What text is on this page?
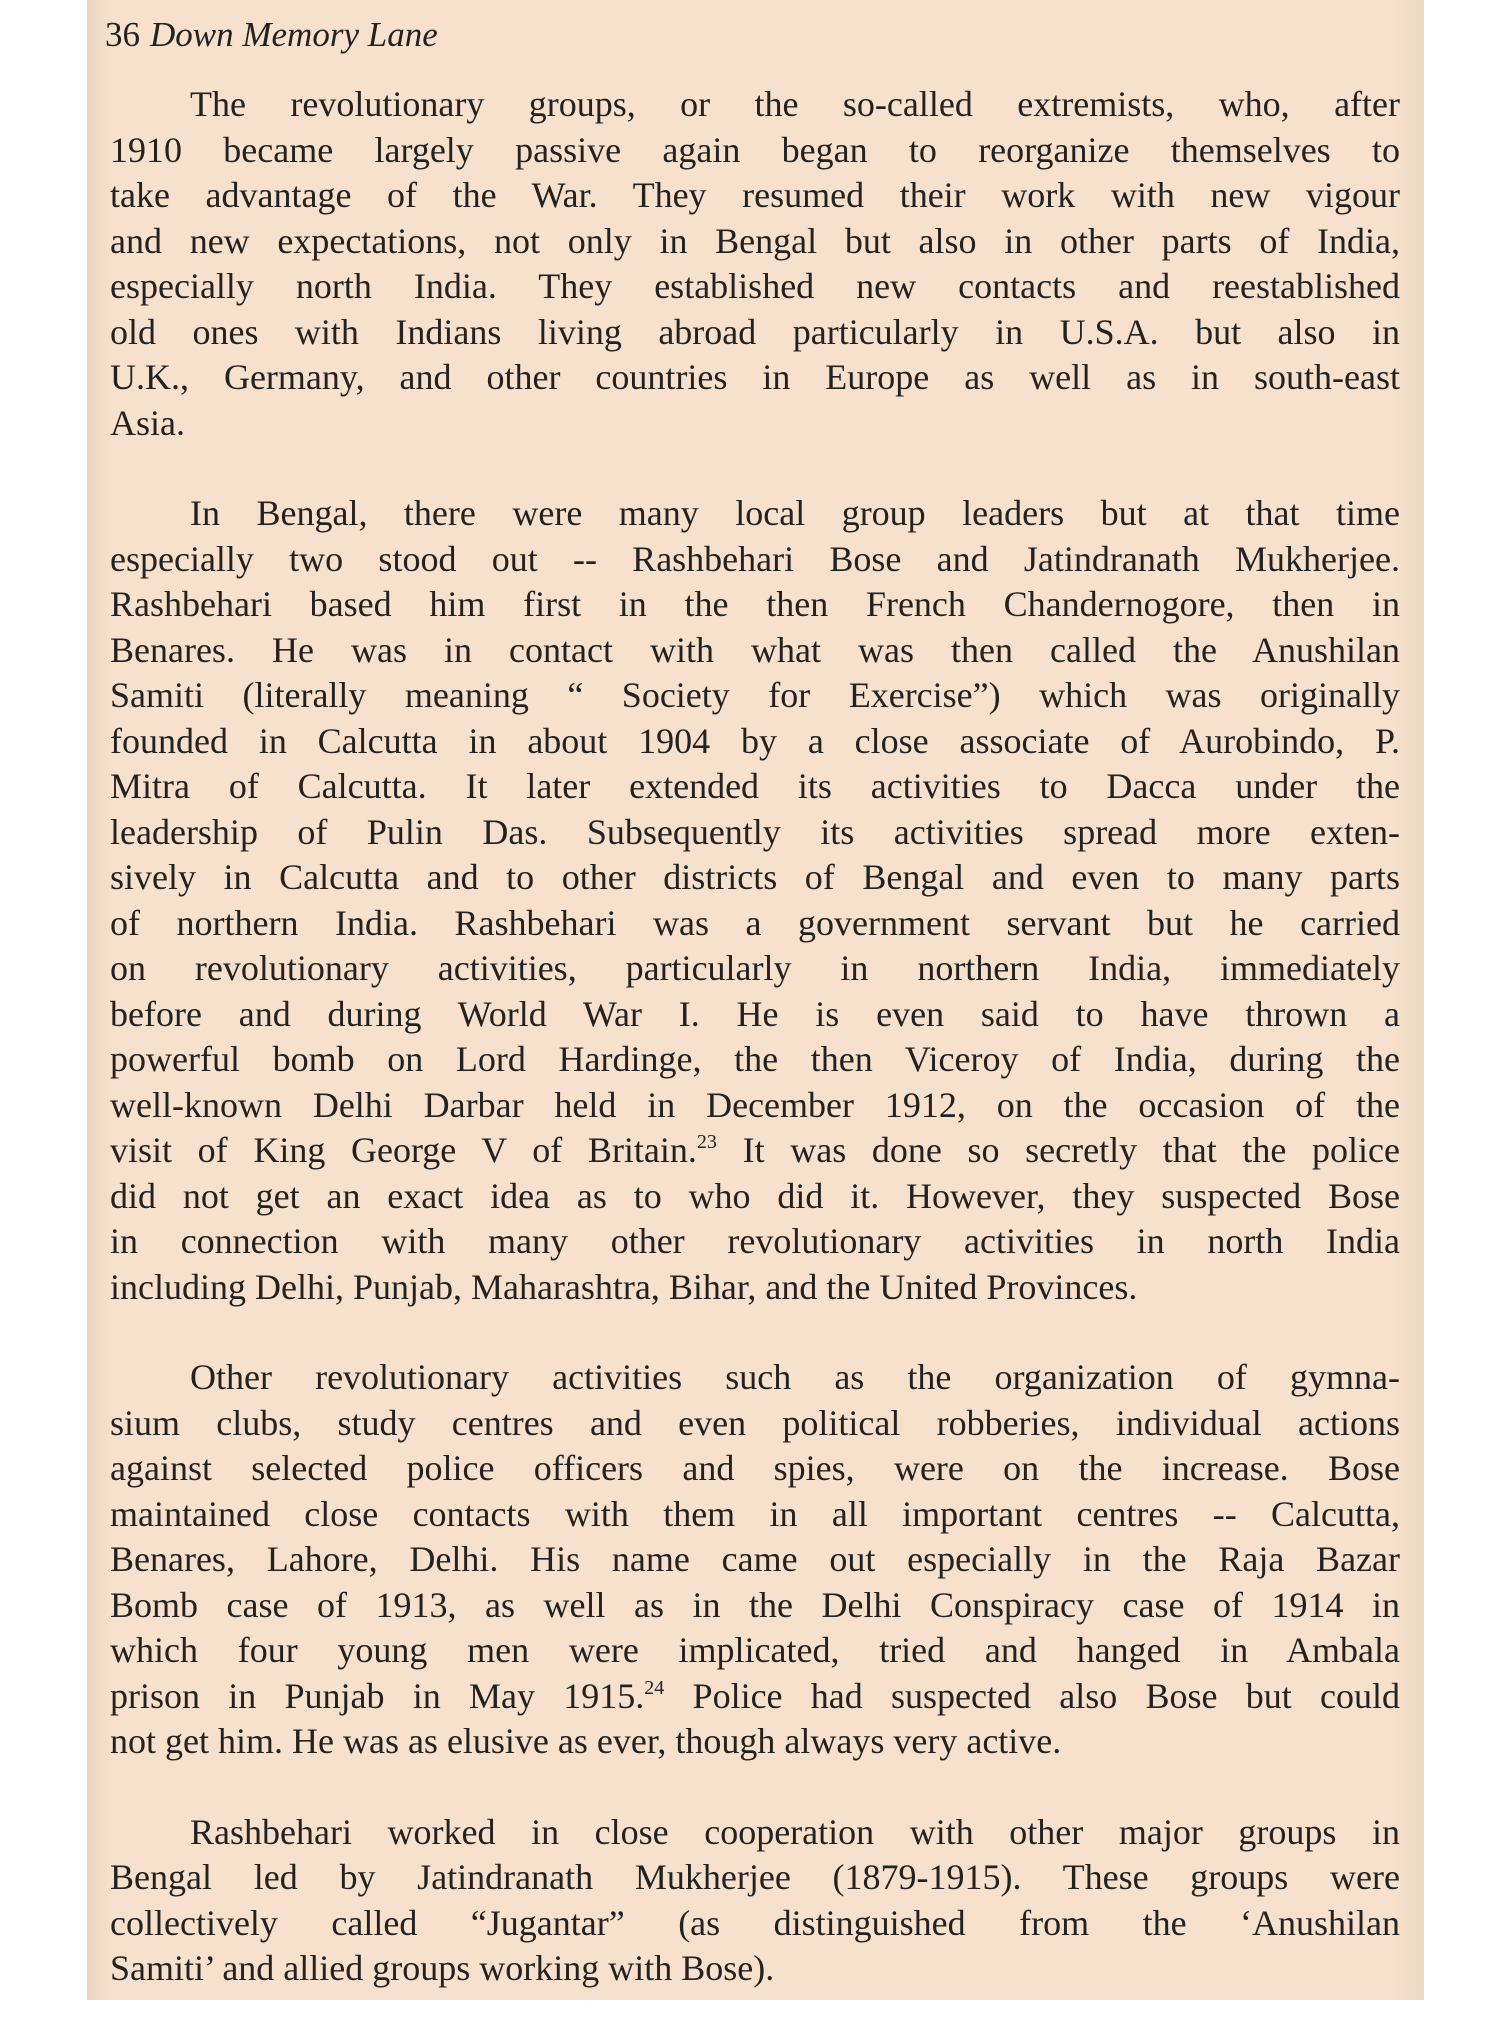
36 Down Memory Lane
The revolutionary groups, or the so-called extremists, who, after
1910 became largely passive again began to reorganize themselves to
take advantage of the War. They resumed their work with new vigour
and new expectations, not only in Bengal but also in other parts of India,
especially north India. They established new contacts and reestablished
old ones with Indians living abroad particularly in U.S.A. but also in
U.K., Germany, and other countries in Europe as well as in south-east
Asia.
In Bengal, there were many local group leaders but at that time
especially two stood out -- Rashbehari Bose and Jatindranath Mukherjee.
Rashbehari based him first in the then French Chandernogore, then in
Benares. He was in contact with what was then called the Anushilan
Samiti (literally meaning “ Society for Exercise”) which was originally
founded in Calcutta in about 1904 by a close associate of Aurobindo, P.
Mitra of Calcutta. It later extended its activities to Dacca under the
leadership of Pulin Das. Subsequently its activities spread more exten-
sively in Calcutta and to other districts of Bengal and even to many parts
of northern India. Rashbehari was a government servant but he carried
on revolutionary activities, particularly in northern India, immediately
before and during World War I. He is even said to have thrown a
powerful bomb on Lord Hardinge, the then Viceroy of India, during the
well-known Delhi Darbar held in December 1912, on the occasion of the
visit of King George V of Britain.$^{23}$ It was done so secretly that the police
did not get an exact idea as to who did it. However, they suspected Bose
in connection with many other revolutionary activities in north India
including Delhi, Punjab, Maharashtra, Bihar, and the United Provinces.
Other revolutionary activities such as the organization of gymna-
sium clubs, study centres and even political robberies, individual actions
against selected police officers and spies, were on the increase. Bose
maintained close contacts with them in all important centres -- Calcutta,
Benares, Lahore, Delhi. His name came out especially in the Raja Bazar
Bomb case of 1913, as well as in the Delhi Conspiracy case of 1914 in
which four young men were implicated, tried and hanged in Ambala
prison in Punjab in May 1915.24 Police had suspected also Bose but could
not get him. He was as elusive as ever, though always very active.
Rashbehari worked in close cooperation with other major groups in
Bengal led by Jatindranath Mukherjee (1879-1915). These groups were
collectively called “Jugantar” (as distinguished from the ‘Anushilan
Samiti’ and allied groups working with Bose).
